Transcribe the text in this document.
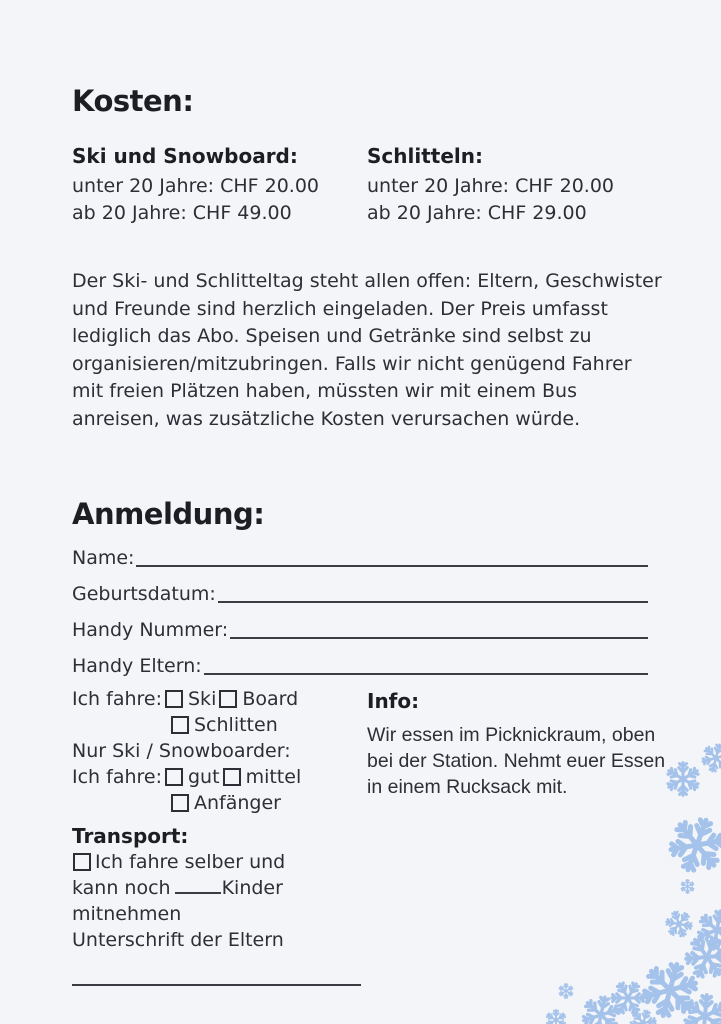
Kosten:
Ski und Snowboard:
unter 20 Jahre: CHF 20.00
ab 20 Jahre: CHF 49.00
Schlitteln:
unter 20 Jahre: CHF 20.00
ab 20 Jahre: CHF 29.00
Der Ski- und Schlitteltag steht allen offen: Eltern, Geschwister und Freunde sind herzlich eingeladen. Der Preis umfasst lediglich das Abo. Speisen und Getränke sind selbst zu organisieren/mitzubringen. Falls wir nicht genügend Fahrer mit freien Plätzen haben, müssten wir mit einem Bus anreisen, was zusätzliche Kosten verursachen würde.
Anmeldung:
Name:
Geburtsdatum:
Handy Nummer:
Handy Eltern:
Ich fahre: Ski Board
Schlitten
Nur Ski / Snowboarder:
Ich fahre: gut mittel
Anfänger
Transport:
Ich fahre selber und
kann noch	Kinder
mitnehmen
Unterschrift der Eltern
Info:
Wir essen im Picknickraum, oben bei der Station. Nehmt euer Essen in einem Rucksack mit.
